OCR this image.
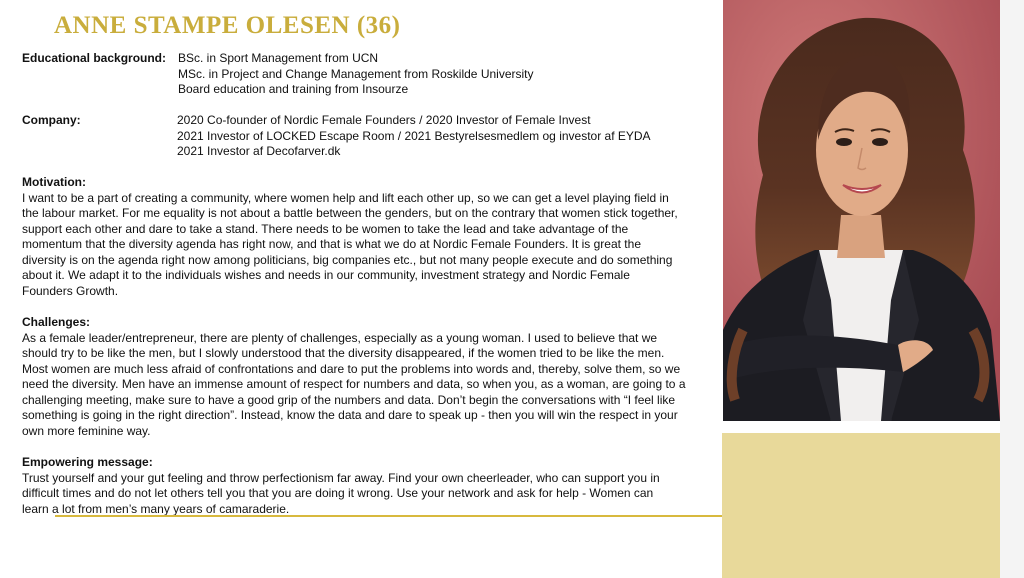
ANNE STAMPE OLESEN (36)
Educational background: BSc. in Sport Management from UCN
MSc. in Project and Change Management from Roskilde University
Board education and training from Insourze
Company:	2020 Co-founder of Nordic Female Founders / 2020 Investor of Female Invest
2021 Investor of LOCKED Escape Room / 2021 Bestyrelsesmedlem og investor af EYDA
2021 Investor af Decofarver.dk
Motivation:
I want to be a part of creating a community, where women help and lift each other up, so we can get a level playing field in
the labour market. For me equality is not about a battle between the genders, but on the contrary that women stick together,
support each other and dare to take a stand. There needs to be women to take the lead and take advantage of the
momentum that the diversity agenda has right now, and that is what we do at Nordic Female Founders. It is great the
diversity is on the agenda right now among politicians, big companies etc., but not many people execute and do something
about it. We adapt it to the individuals wishes and needs in our community, investment strategy and Nordic Female
Founders Growth.
Challenges:
As a female leader/entrepreneur, there are plenty of challenges, especially as a young woman. I used to believe that we
should try to be like the men, but I slowly understood that the diversity disappeared, if the women tried to be like the men.
Most women are much less afraid of confrontations and dare to put the problems into words and, thereby, solve them, so we
need the diversity. Men have an immense amount of respect for numbers and data, so when you, as a woman, are going to a
challenging meeting, make sure to have a good grip of the numbers and data. Don’t begin the conversations with “I feel like
something is going in the right direction”. Instead, know the data and dare to speak up - then you will win the respect in your
own more feminine way.
Empowering message:
Trust yourself and your gut feeling and throw perfectionism far away. Find your own cheerleader, who can support you in
difficult times and do not let others tell you that you are doing it wrong. Use your network and ask for help - Women can
learn a lot from men’s many years of camaraderie.
